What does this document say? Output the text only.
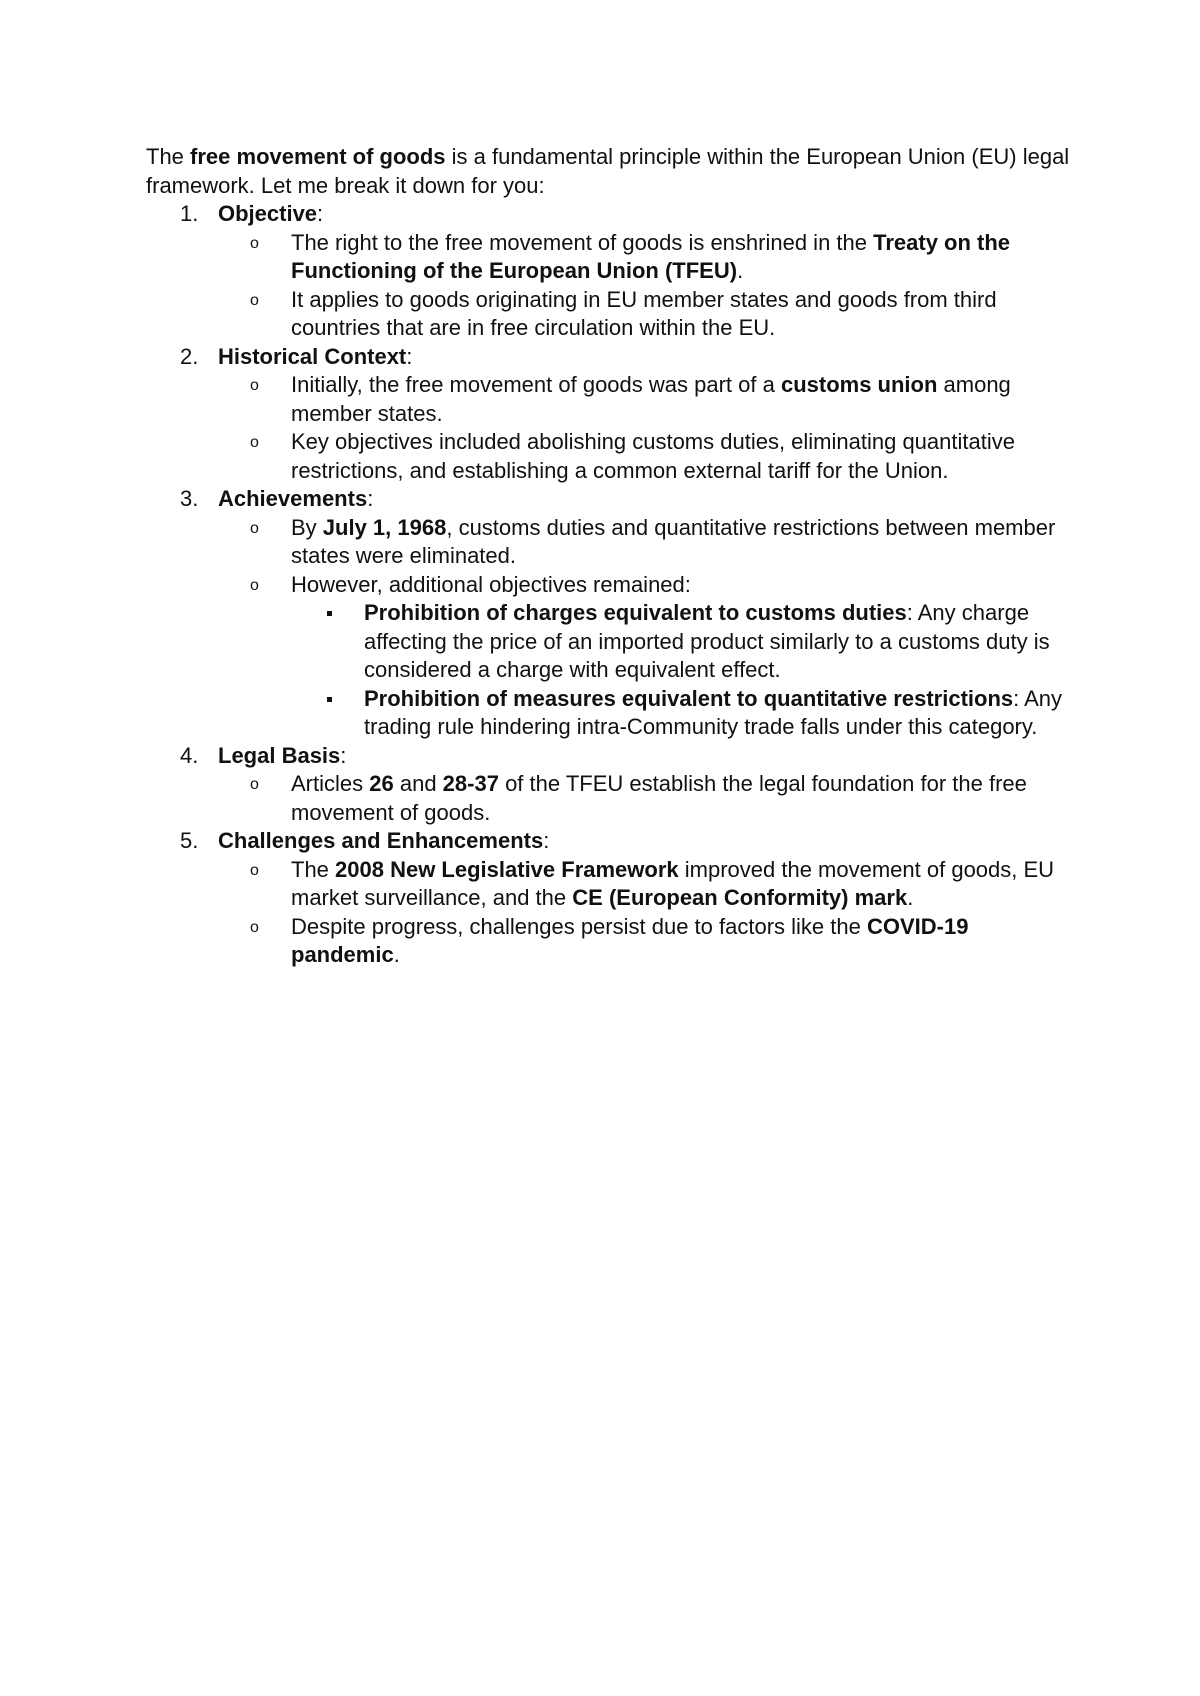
The free movement of goods is a fundamental principle within the European Union (EU) legal framework. Let me break it down for you:

1. Objective:
o The right to the free movement of goods is enshrined in the Treaty on the Functioning of the European Union (TFEU).
o It applies to goods originating in EU member states and goods from third countries that are in free circulation within the EU.
2. Historical Context:
o Initially, the free movement of goods was part of a customs union among member states.
o Key objectives included abolishing customs duties, eliminating quantitative restrictions, and establishing a common external tariff for the Union.
3. Achievements:
o By July 1, 1968, customs duties and quantitative restrictions between member states were eliminated.
o However, additional objectives remained:
Prohibition of charges equivalent to customs duties: Any charge affecting the price of an imported product similarly to a customs duty is considered a charge with equivalent effect.
Prohibition of measures equivalent to quantitative restrictions: Any trading rule hindering intra-Community trade falls under this category.
4. Legal Basis:
o Articles 26 and 28-37 of the TFEU establish the legal foundation for the free movement of goods.
5. Challenges and Enhancements:
o The 2008 New Legislative Framework improved the movement of goods, EU market surveillance, and the CE (European Conformity) mark.
o Despite progress, challenges persist due to factors like the COVID-19 pandemic.
